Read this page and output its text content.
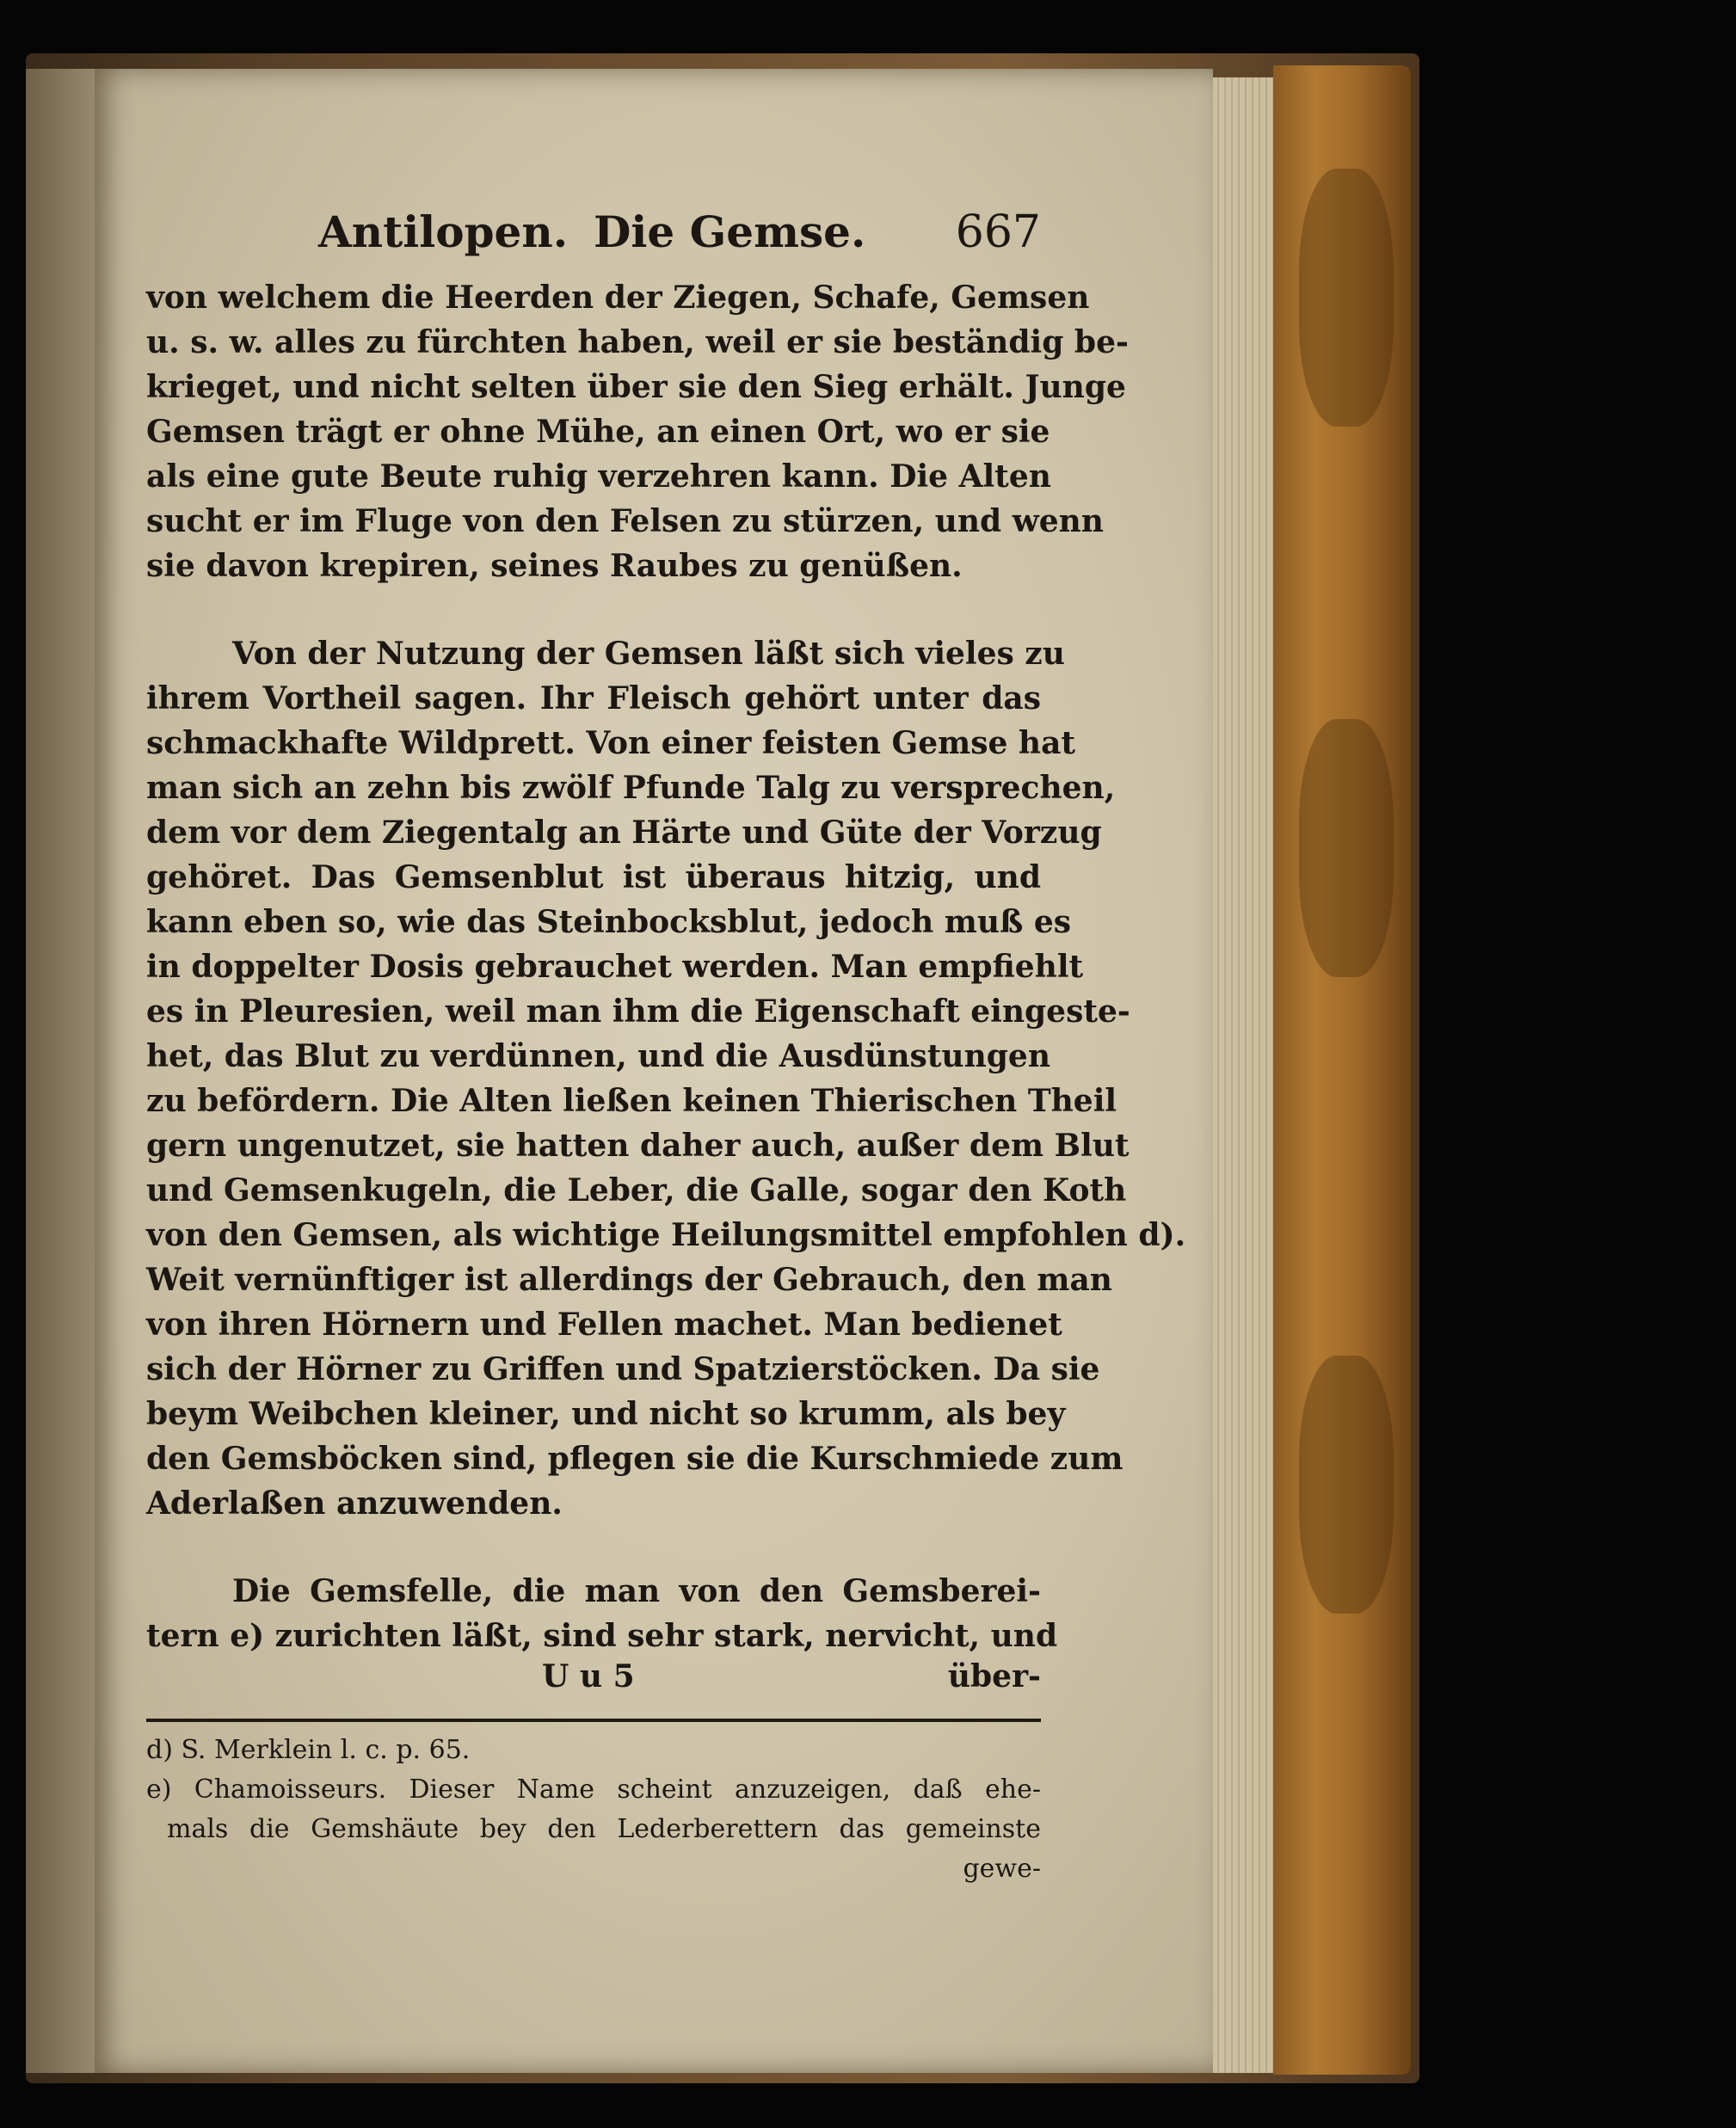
Antilopen. Die Gemse. 667
von welchem die Heerden der Ziegen, Schafe, Gemsen
u. s. w. alles zu fürchten haben, weil er sie beständig be-
krieget, und nicht selten über sie den Sieg erhält. Junge
Gemsen trägt er ohne Mühe, an einen Ort, wo er sie
als eine gute Beute ruhig verzehren kann. Die Alten
sucht er im Fluge von den Felsen zu stürzen, und wenn
sie davon krepiren, seines Raubes zu genüßen.
Von der Nutzung der Gemsen läßt sich vieles zu
ihrem Vortheil sagen. Ihr Fleisch gehört unter das
schmackhafte Wildprett. Von einer feisten Gemse hat
man sich an zehn bis zwölf Pfunde Talg zu versprechen,
dem vor dem Ziegentalg an Härte und Güte der Vorzug
gehöret. Das Gemsenblut ist überaus hitzig, und
kann eben so, wie das Steinbocksblut, jedoch muß es
in doppelter Dosis gebrauchet werden. Man empfiehlt
es in Pleuresien, weil man ihm die Eigenschaft eingeste-
het, das Blut zu verdünnen, und die Ausdünstungen
zu befördern. Die Alten ließen keinen Thierischen Theil
gern ungenutzet, sie hatten daher auch, außer dem Blut
und Gemsenkugeln, die Leber, die Galle, sogar den Koth
von den Gemsen, als wichtige Heilungsmittel empfohlen d).
Weit vernünftiger ist allerdings der Gebrauch, den man
von ihren Hörnern und Fellen machet. Man bedienet
sich der Hörner zu Griffen und Spatzierstöcken. Da sie
beym Weibchen kleiner, und nicht so krumm, als bey
den Gemsböcken sind, pflegen sie die Kurschmiede zum
Aderlaßen anzuwenden.
Die Gemsfelle, die man von den Gemsberei-
tern e) zurichten läßt, sind sehr stark, nervicht, und
U u 5	über-
d) S. Merklein l. c. p. 65.
e) Chamoisseurs. Dieser Name scheint anzuzeigen, daß ehe-
mals die Gemshäute bey den Lederberettern das gemeinste
gewe-
